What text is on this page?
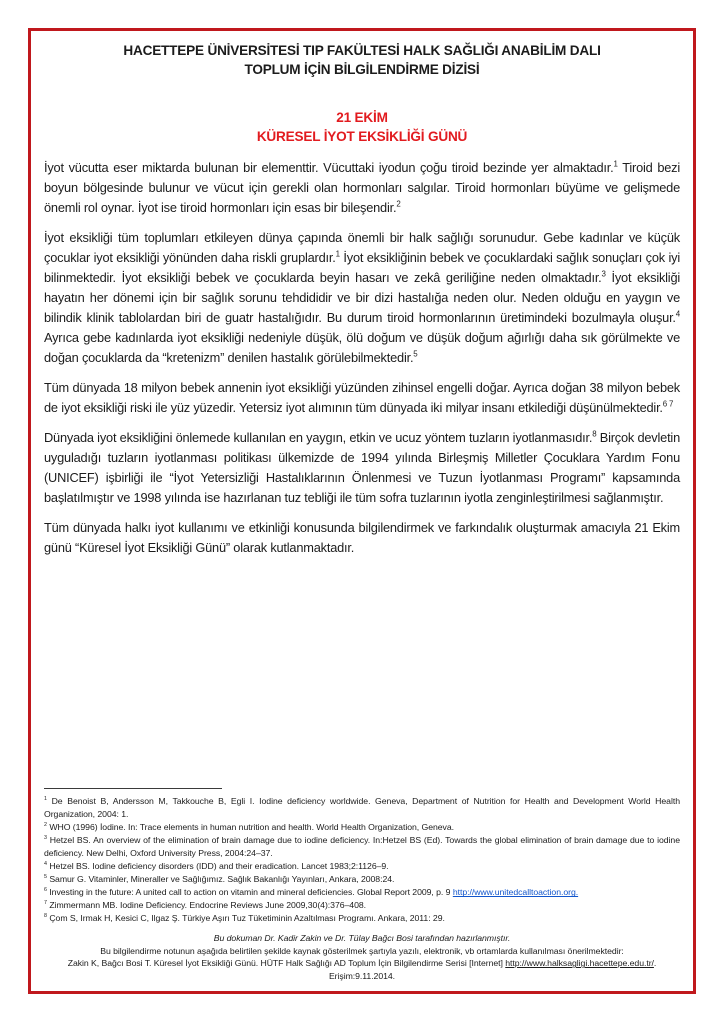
HACETTEPE ÜNİVERSİTESİ TIP FAKÜLTESİ HALK SAĞLIĞI ANABİLİM DALI
TOPLUM İÇİN BİLGİLENDİRME DİZİSİ
21 EKİM
KÜRESEL İYOT EKSİKLİĞİ GÜNÜ

İyot vücutta eser miktarda bulunan bir elementtir. Vücuttaki iyodun çoğu tiroid bezinde yer almaktadır.$^1$ Tiroid bezi boyun bölgesinde bulunur ve vücut için gerekli olan hormonları salgılar. Tiroid hormonları büyüme ve gelişmede önemli rol oynar. İyot ise tiroid hormonları için esas bir bileşendir.$^2$

İyot eksikliği tüm toplumları etkileyen dünya çapında önemli bir halk sağlığı sorunudur. Gebe kadınlar ve küçük çocuklar iyot eksikliği yönünden daha riskli gruplardır.$^1$ İyot eksikliğinin bebek ve çocuklardaki sağlık sonuçları çok iyi bilinmektedir. İyot eksikliği bebek ve çocuklarda beyin hasarı ve zekâ geriliğine neden olmaktadır.$^3$ İyot eksikliği hayatın her dönemi için bir sağlık sorunu tehdididir ve bir dizi hastalığa neden olur. Neden olduğu en yaygın ve bilindik klinik tablolardan biri de guatr hastalığıdır. Bu durum tiroid hormonlarının üretimindeki bozulmayla oluşur.$^4$ Ayrıca gebe kadınlarda iyot eksikliği nedeniyle düşük, ölü doğum ve düşük doğum ağırlığı daha sık görülmekte ve doğan çocuklarda da “kretenizm” denilen hastalık görülebilmektedir.$^5$

Tüm dünyada 18 milyon bebek annenin iyot eksikliği yüzünden zihinsel engelli doğar. Ayrıca doğan 38 milyon bebek de iyot eksikliği riski ile yüz yüzedir. Yetersiz iyot alımının tüm dünyada iki milyar insanı etkilediği düşünülmektedir.$^{6 7}$

Dünyada iyot eksikliğini önlemede kullanılan en yaygın, etkin ve ucuz yöntem tuzların iyotlanmasıdır.$^8$ Birçok devletin uyguladığı tuzların iyotlanması politikası ülkemizde de 1994 yılında Birleşmiş Milletler Çocuklara Yardım Fonu (UNICEF) işbirliği ile “İyot Yetersizliği Hastalıklarının Önlenmesi ve Tuzun İyotlanması Programı” kapsamında başlatılmıştır ve 1998 yılında ise hazırlanan tuz tebliği ile tüm sofra tuzlarının iyotla zenginleştirilmesi sağlanmıştır.

Tüm dünyada halkı iyot kullanımı ve etkinliği konusunda bilgilendirmek ve farkındalık oluşturmak amacıyla 21 Ekim günü “Küresel İyot Eksikliği Günü” olarak kutlanmaktadır.

$^1$ De Benoist B, Andersson M, Takkouche B, Egli I. Iodine deficiency worldwide. Geneva, Department of Nutrition for Health and Development World Health Organization, 2004: 1.
$^2$ WHO (1996) İodine. In: Trace elements in human nutrition and health. World Health Organization, Geneva.
$^3$ Hetzel BS. An overview of the elimination of brain damage due to iodine deficiency. In:Hetzel BS (Ed). Towards the global elimination of brain damage due to iodine deficiency. New Delhi, Oxford University Press, 2004:24–37.
$^4$ Hetzel BS. Iodine deficiency disorders (IDD) and their eradication. Lancet 1983;2:1126–9.
$^5$ Samur G. Vitaminler, Mineraller ve Sağlığımız. Sağlık Bakanlığı Yayınları, Ankara, 2008:24.
$^6$ Investing in the future: A united call to action on vitamin and mineral deficiencies. Global Report 2009, p. 9 http://www.unitedcalltoaction.org.
$^7$ Zimmermann MB. Iodine Deficiency. Endocrine Reviews June 2009,30(4):376–408.
$^8$ Çom S, Irmak H, Kesici C, Ilgaz Ş. Türkiye Aşırı Tuz Tüketiminin Azaltılması Programı. Ankara, 2011: 29.
Bu dokuman Dr. Kadir Zakin ve Dr. Tülay Bağcı Bosi tarafından hazırlanmıştır.
Bu bilgilendirme notunun aşağıda belirtilen şekilde kaynak gösterilmek şartıyla yazılı, elektronik, vb ortamlarda kullanılması önerilmektedir:
Zakin K, Bağcı Bosi T. Küresel İyot Eksikliği Günü. HÜTF Halk Sağlığı AD Toplum İçin Bilgilendirme Serisi [Internet] http://www.halksagligi.hacettepe.edu.tr/.
Erişim:9.11.2014.
